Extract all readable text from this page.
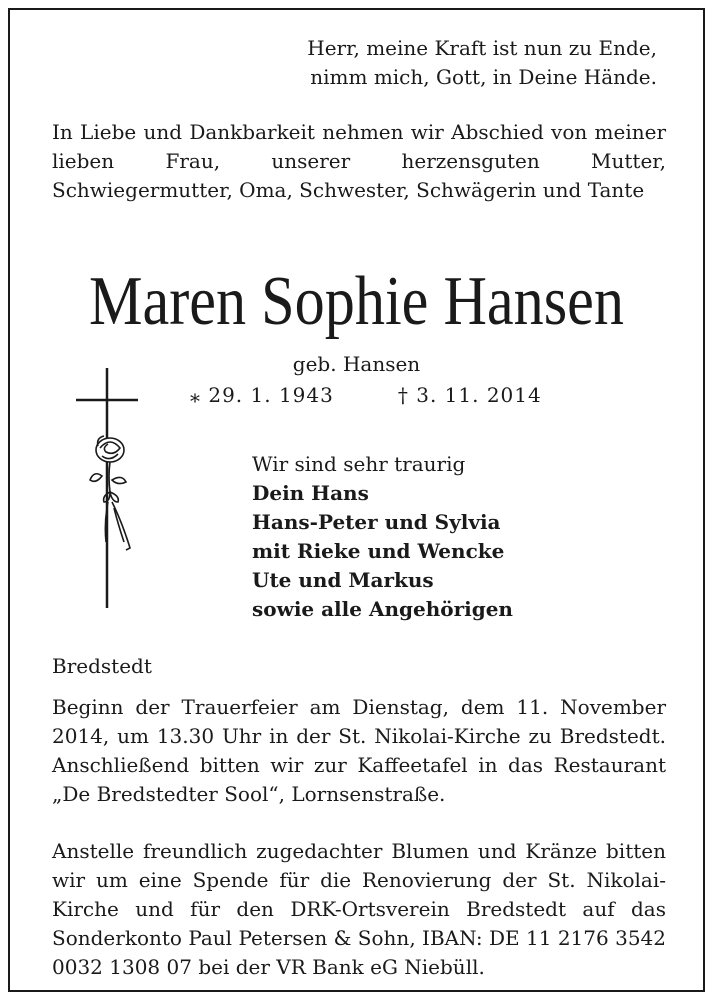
Herr, meine Kraft ist nun zu Ende,
nimm mich, Gott, in Deine Hände.
In Liebe und Dankbarkeit nehmen wir Abschied von meiner lieben Frau, unserer herzensguten Mutter, Schwiegermutter, Oma, Schwester, Schwägerin und Tante
Maren Sophie Hansen
geb. Hansen
⁎ 29. 1. 1943	† 3. 11. 2014
Wir sind sehr traurig
Dein Hans
Hans-Peter und Sylvia
mit Rieke und Wencke
Ute und Markus
sowie alle Angehörigen
Bredstedt
Beginn der Trauerfeier am Dienstag, dem 11. November 2014, um 13.30 Uhr in der St. Nikolai-Kirche zu Bredstedt. Anschließend bitten wir zur Kaffeetafel in das Restaurant „De Bredstedter Sool“, Lornsenstraße.
Anstelle freundlich zugedachter Blumen und Kränze bitten wir um eine Spende für die Renovierung der St. Nikolai-Kirche und für den DRK-Ortsverein Bredstedt auf das Sonderkonto Paul Petersen & Sohn, IBAN: DE 11 2176 3542 0032 1308 07 bei der VR Bank eG Niebüll.
